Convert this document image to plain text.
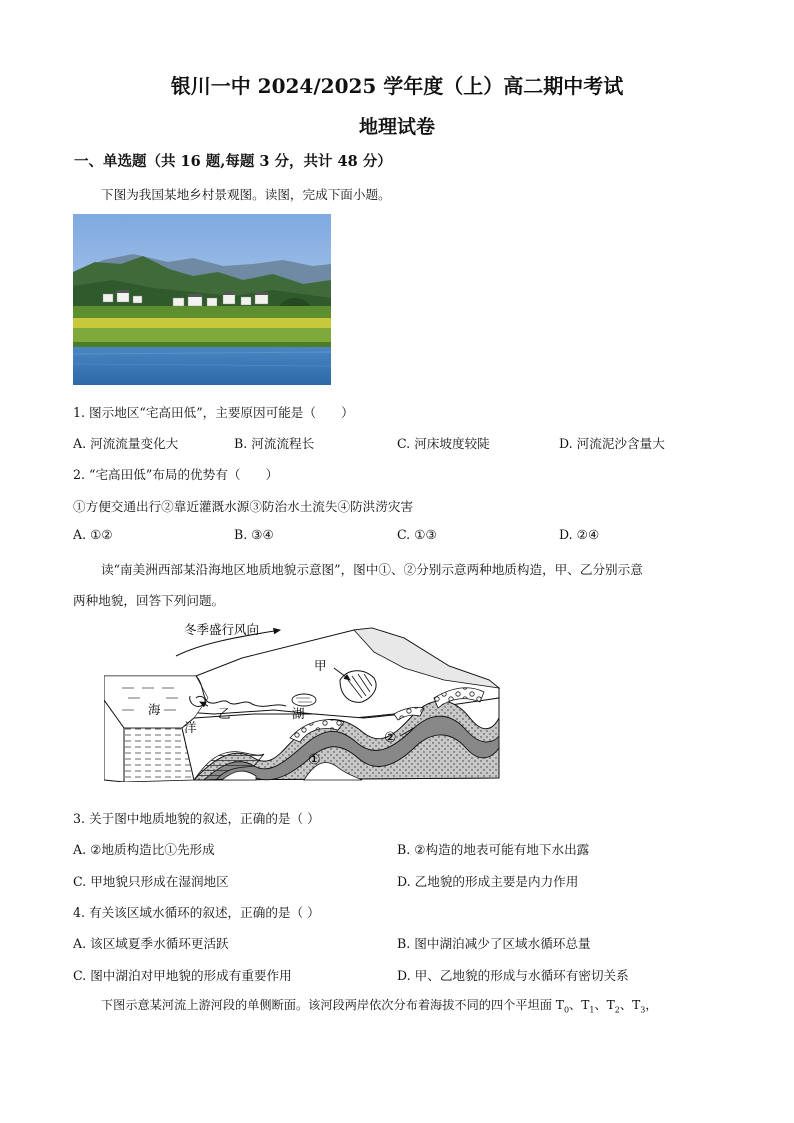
银川一中 2024/2025 学年度（上）高二期中考试
地理试卷
一、单选题（共 16 题,每题 3 分，共计 48 分）
下图为我国某地乡村景观图。读图，完成下面小题。
1. 图示地区“宅高田低”，主要原因可能是（　　）
A. 河流流量变化大	B. 河流流程长	C. 河床坡度较陡	D. 河流泥沙含量大
2. “宅高田低”布局的优势有（　　）
①方便交通出行②靠近灌溉水源③防治水土流失④防洪涝灾害
A. ①②	B. ③④	C. ①③	D. ②④
读“南美洲西部某沿海地区地质地貌示意图”，图中①、②分别示意两种地质构造，甲、乙分别示意
两种地貌，回答下列问题。
冬季盛行风向
甲
海
洋
乙	湖
①
②
3. 关于图中地质地貌的叙述，正确的是（ ）
A. ②地质构造比①先形成	B. ②构造的地表可能有地下水出露
C. 甲地貌只形成在湿润地区	D. 乙地貌的形成主要是内力作用
4. 有关该区域水循环的叙述，正确的是（ ）
A. 该区域夏季水循环更活跃	B. 图中湖泊减少了区域水循环总量
C. 图中湖泊对甲地貌的形成有重要作用	D. 甲、乙地貌的形成与水循环有密切关系
下图示意某河流上游河段的单侧断面。该河段两岸依次分布着海拔不同的四个平坦面 $T_0$、$T_1$、$T_2$、$T_3$，
